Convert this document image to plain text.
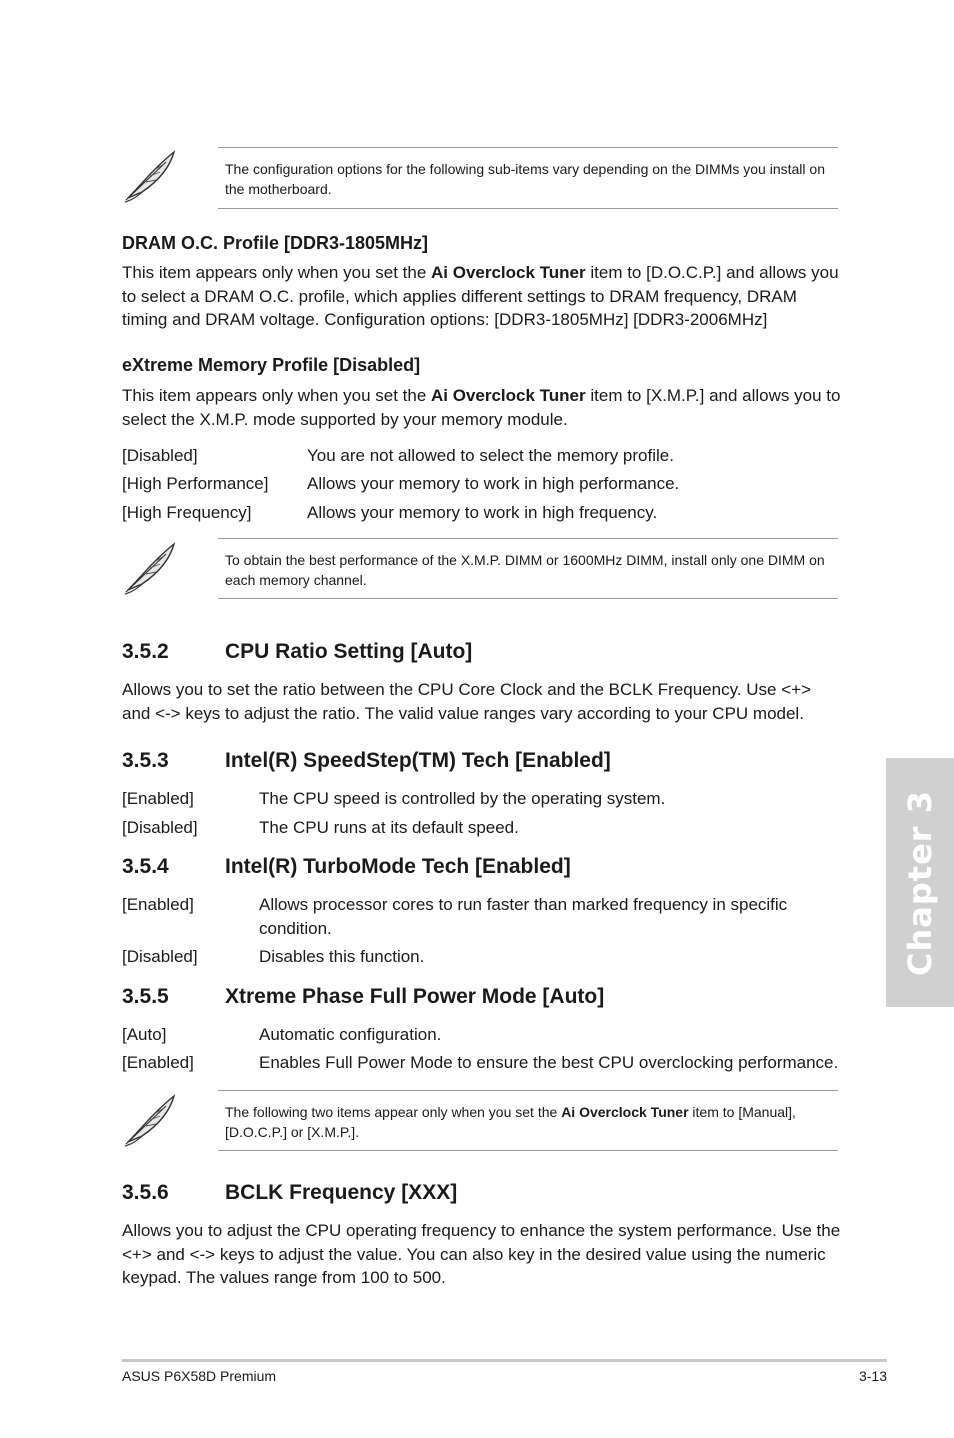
The configuration options for the following sub-items vary depending on the DIMMs you install on the motherboard.
DRAM O.C. Profile [DDR3-1805MHz]
This item appears only when you set the Ai Overclock Tuner item to [D.O.C.P.] and allows you to select a DRAM O.C. profile, which applies different settings to DRAM frequency, DRAM timing and DRAM voltage. Configuration options: [DDR3-1805MHz] [DDR3-2006MHz]
eXtreme Memory Profile [Disabled]
This item appears only when you set the Ai Overclock Tuner item to [X.M.P.] and allows you to select the X.M.P. mode supported by your memory module.
[Disabled]	You are not allowed to select the memory profile.
[High Performance] Allows your memory to work in high performance.
[High Frequency]	Allows your memory to work in high frequency.
To obtain the best performance of the X.M.P. DIMM or 1600MHz DIMM, install only one DIMM on each memory channel.
3.5.2	CPU Ratio Setting [Auto]
Allows you to set the ratio between the CPU Core Clock and the BCLK Frequency. Use <+> and <-> keys to adjust the ratio. The valid value ranges vary according to your CPU model.
3.5.3	Intel(R) SpeedStep(TM) Tech [Enabled]
[Enabled]	The CPU speed is controlled by the operating system.
[Disabled]	The CPU runs at its default speed.
3.5.4	Intel(R) TurboMode Tech [Enabled]
[Enabled]	Allows processor cores to run faster than marked frequency in specific condition.
[Disabled]	Disables this function.
3.5.5	Xtreme Phase Full Power Mode [Auto]
[Auto]	Automatic configuration.
[Enabled]	Enables Full Power Mode to ensure the best CPU overclocking performance.
The following two items appear only when you set the Ai Overclock Tuner item to [Manual], [D.O.C.P.] or [X.M.P.].
3.5.6	BCLK Frequency [XXX]
Allows you to adjust the CPU operating frequency to enhance the system performance. Use the <+> and <-> keys to adjust the value. You can also key in the desired value using the numeric keypad. The values range from 100 to 500.
Chapter 3
ASUS P6X58D Premium	3-13
